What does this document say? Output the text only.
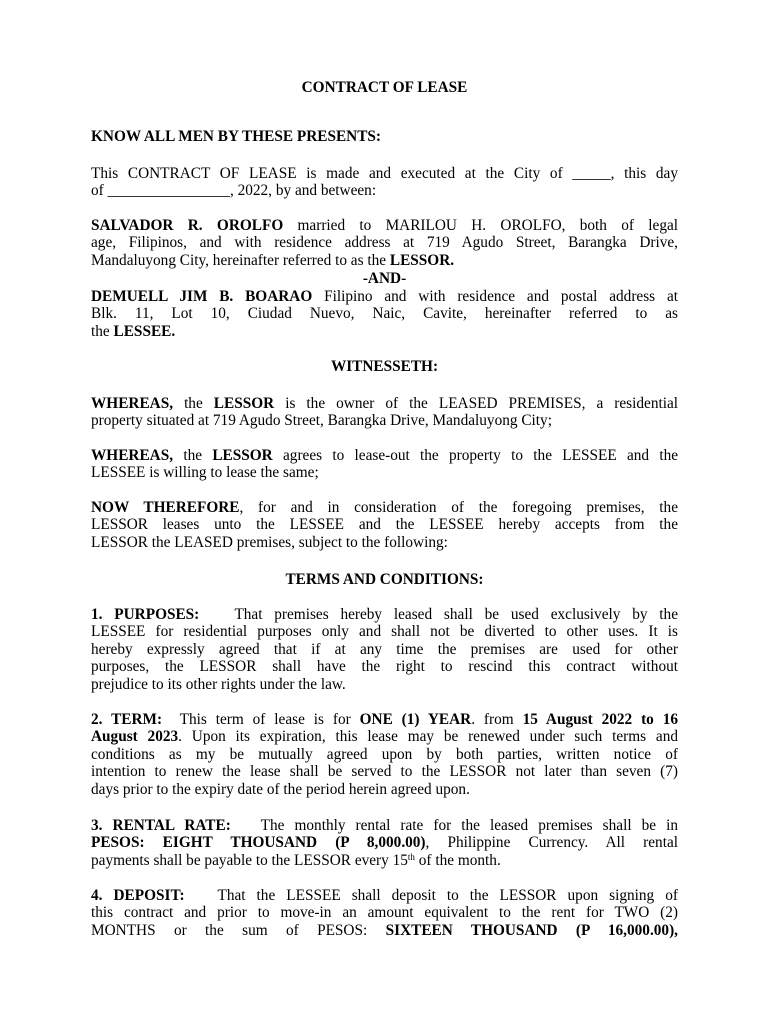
CONTRACT OF LEASE
KNOW ALL MEN BY THESE PRESENTS:
This CONTRACT OF LEASE is made and executed at the City of _____, this day
of ________________, 2022, by and between:
SALVADOR R. OROLFO married to MARILOU H. OROLFO, both of legal
age, Filipinos, and with residence address at 719 Agudo Street, Barangka Drive,
Mandaluyong City, hereinafter referred to as the LESSOR.
-AND-
DEMUELL JIM B. BOARAO Filipino and with residence and postal address at
Blk. 11, Lot 10, Ciudad Nuevo, Naic, Cavite, hereinafter referred to as
the LESSEE.
WITNESSETH:
WHEREAS, the LESSOR is the owner of the LEASED PREMISES, a residential
property situated at 719 Agudo Street, Barangka Drive, Mandaluyong City;
WHEREAS, the LESSOR agrees to lease-out the property to the LESSEE and the
LESSEE is willing to lease the same;
NOW THEREFORE, for and in consideration of the foregoing premises, the
LESSOR leases unto the LESSEE and the LESSEE hereby accepts from the
LESSOR the LEASED premises, subject to the following:
TERMS AND CONDITIONS:
1. PURPOSES: That premises hereby leased shall be used exclusively by the
LESSEE for residential purposes only and shall not be diverted to other uses. It is
hereby expressly agreed that if at any time the premises are used for other
purposes, the LESSOR shall have the right to rescind this contract without
prejudice to its other rights under the law.
2. TERM: This term of lease is for ONE (1) YEAR. from 15 August 2022 to 16
August 2023. Upon its expiration, this lease may be renewed under such terms and
conditions as my be mutually agreed upon by both parties, written notice of
intention to renew the lease shall be served to the LESSOR not later than seven (7)
days prior to the expiry date of the period herein agreed upon.
3. RENTAL RATE: The monthly rental rate for the leased premises shall be in
PESOS: EIGHT THOUSAND (P 8,000.00), Philippine Currency. All rental
payments shall be payable to the LESSOR every 15th of the month.
4. DEPOSIT: That the LESSEE shall deposit to the LESSOR upon signing of
this contract and prior to move-in an amount equivalent to the rent for TWO (2)
MONTHS or the sum of PESOS: SIXTEEN THOUSAND (P 16,000.00),
